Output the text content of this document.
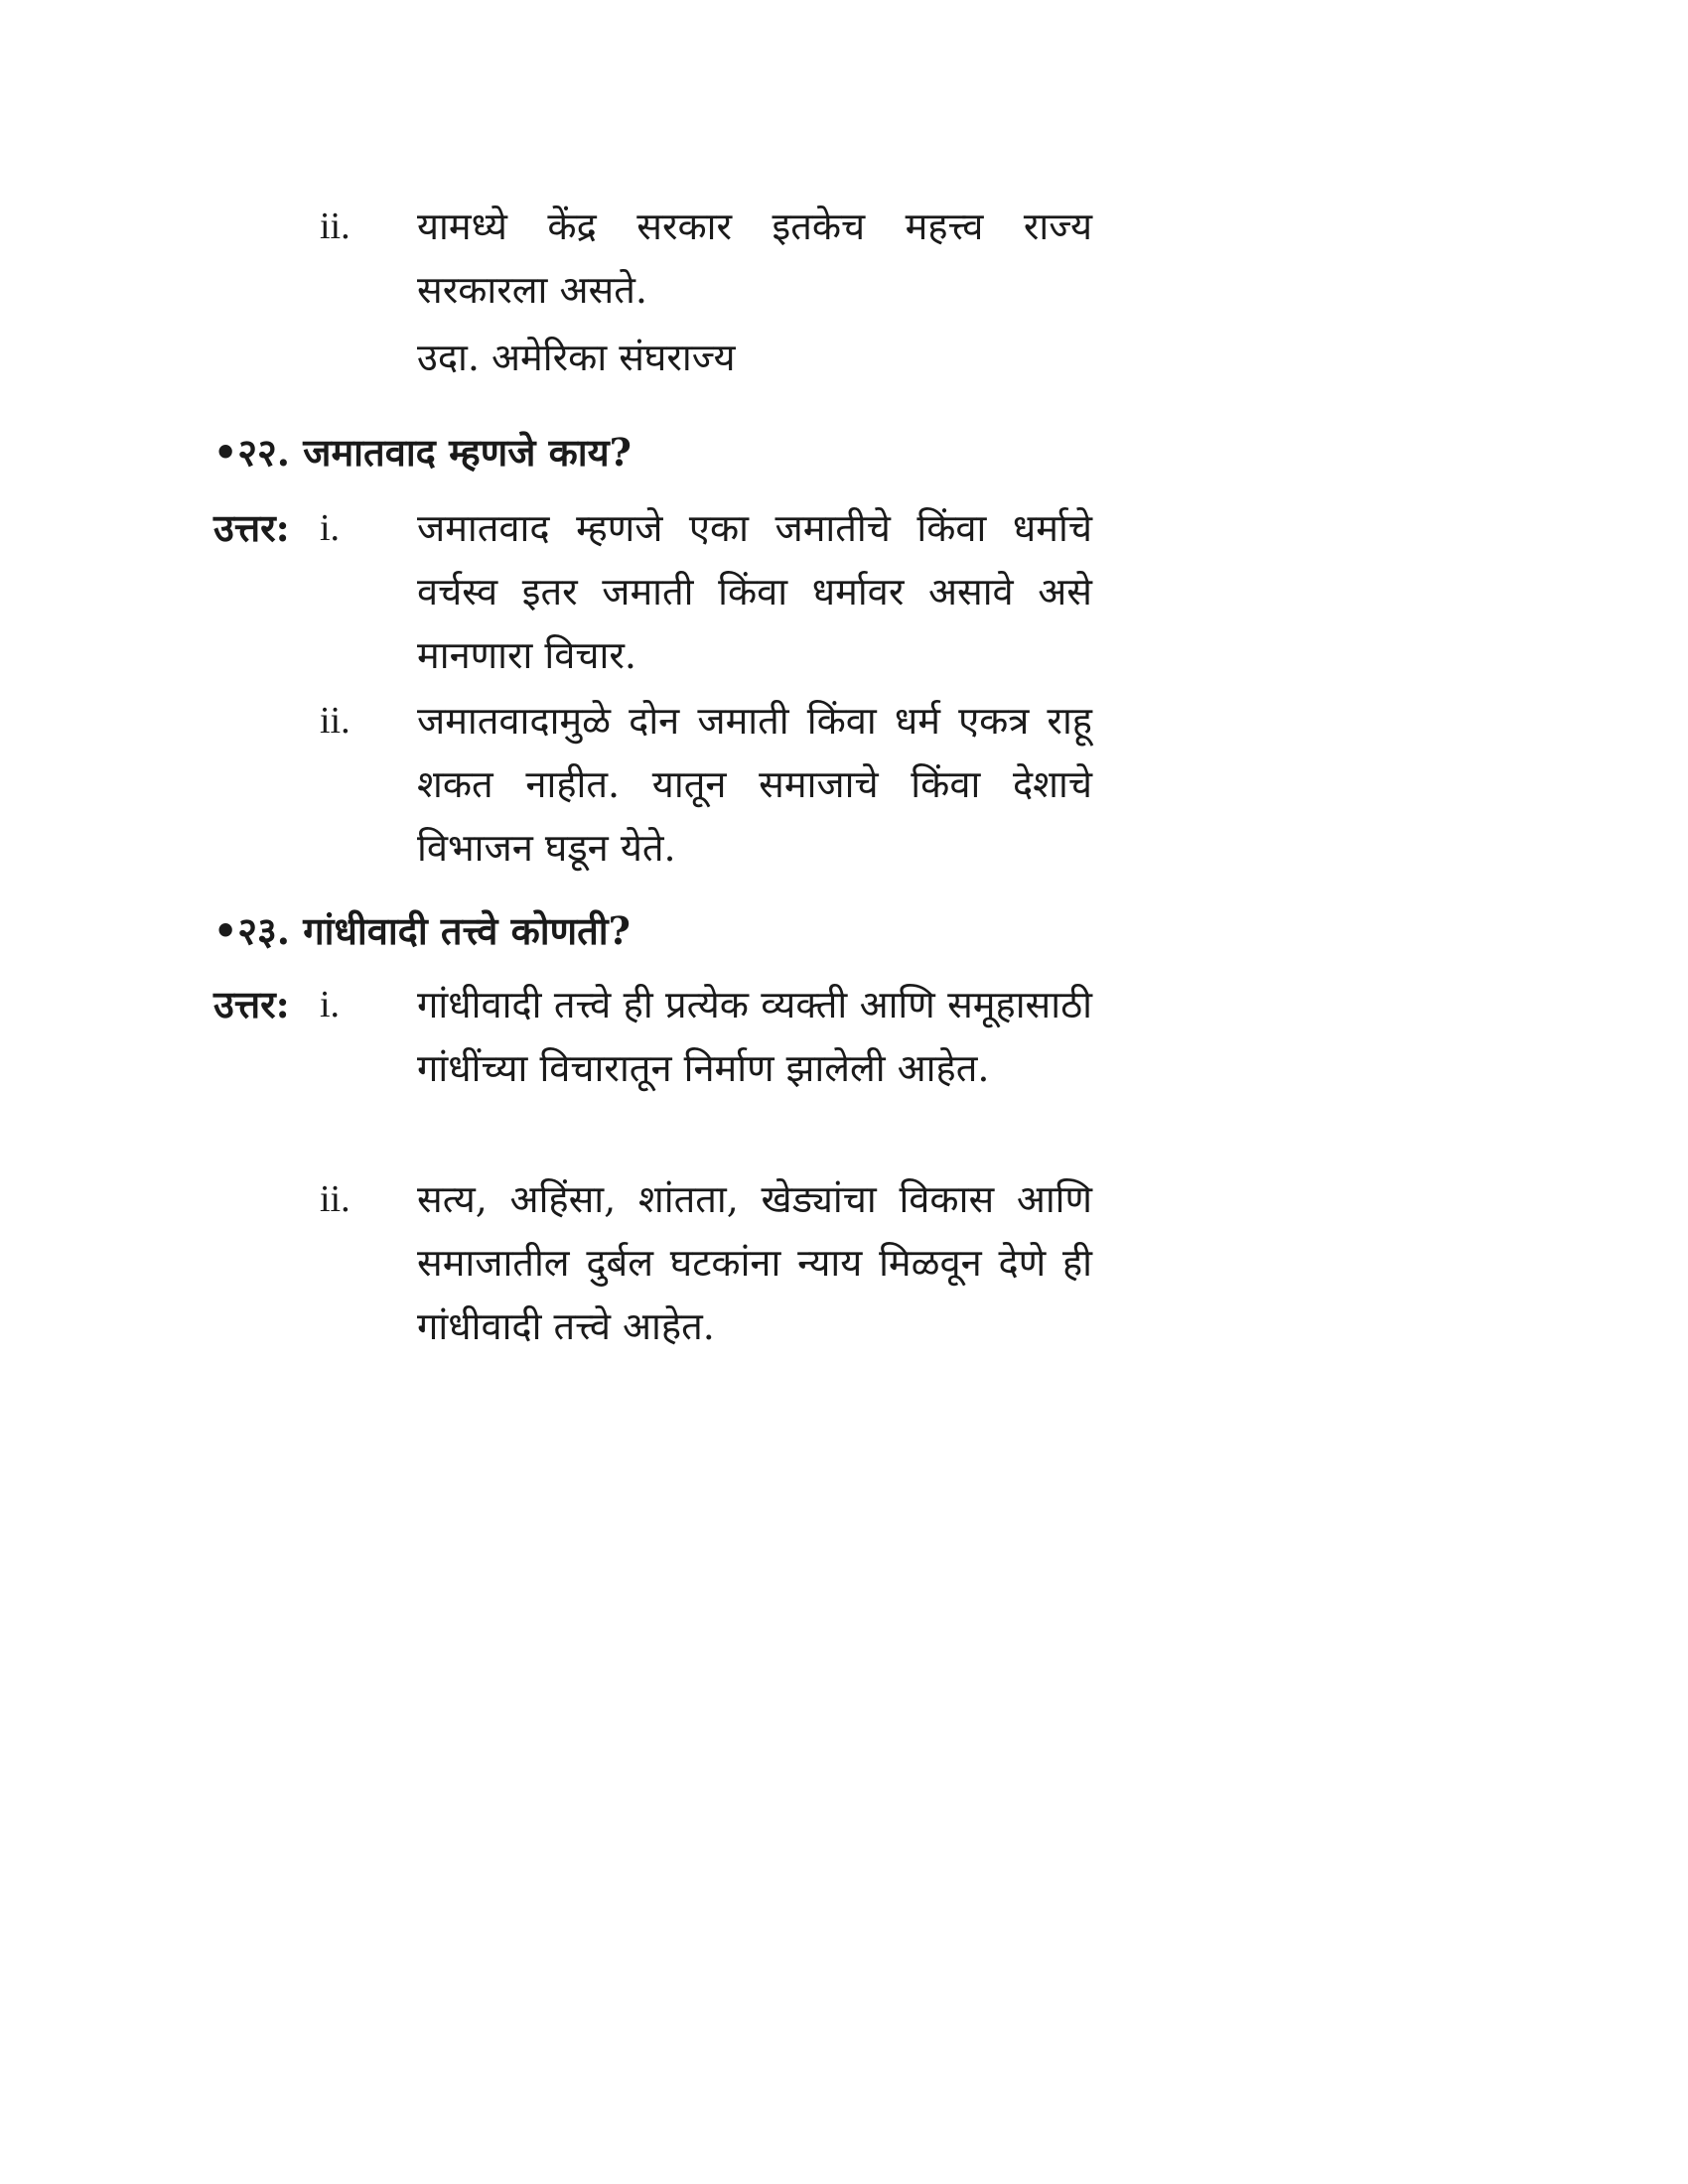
ii. यामध्ये केंद्र सरकार इतकेच महत्त्व राज्य सरकारला असते.
उदा. अमेरिका संघराज्य
•२२. जमातवाद म्हणजे काय?
उत्तर: i. जमातवाद म्हणजे एका जमातीचे किंवा धर्माचे वर्चस्व इतर जमाती किंवा धर्मावर असावे असे मानणारा विचार.
ii. जमातवादामुळे दोन जमाती किंवा धर्म एकत्र राहू शकत नाहीत. यातून समाजाचे किंवा देशाचे विभाजन घडून येते.
•२३. गांधीवादी तत्त्वे कोणती?
उत्तर: i. गांधीवादी तत्त्वे ही प्रत्येक व्यक्ती आणि समूहासाठी गांधींच्या विचारातून निर्माण झालेली आहेत.
ii. सत्य, अहिंसा, शांतता, खेड्यांचा विकास आणि समाजातील दुर्बल घटकांना न्याय मिळवून देणे ही गांधीवादी तत्त्वे आहेत.
